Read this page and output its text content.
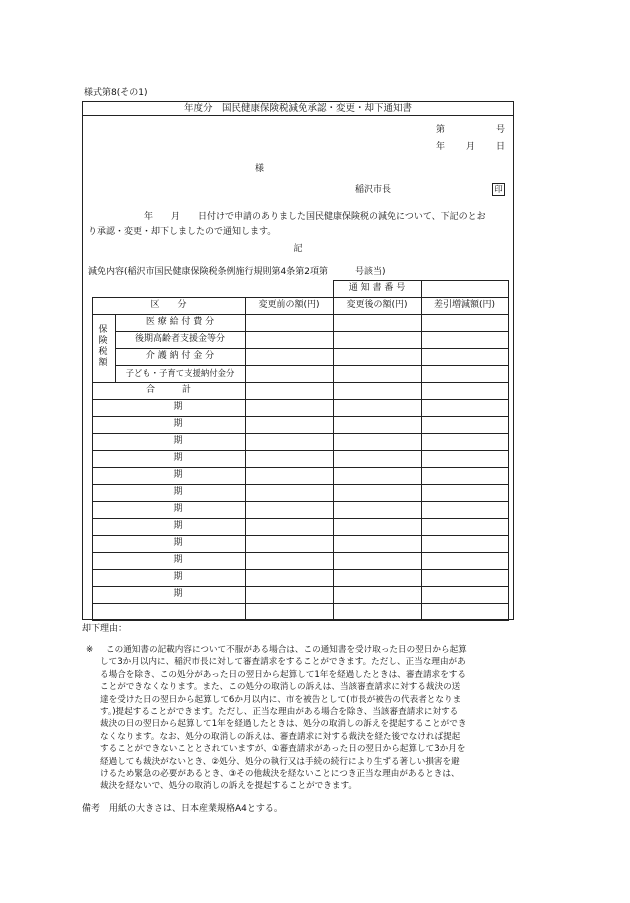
様式第8(その1)
年度分　国民健康保険税減免承認・変更・却下通知書
第	号
年 月 日
様
稲沢市長	印
年　　月　　日付けで申請のありました国民健康保険税の減免について、下記のとお
り承認・変更・却下しましたので通知します。
記
減免内容(稲沢市国民健康保険税条例施行規則第4条第2項第　　　号該当)
通 知 書 番 号
区　　分	変更前の額(円)	変更後の額(円)	差引増減額(円)
保険税額
医 療 給 付 費 分
後期高齢者支援金等分
介 護 納 付 金 分
子ども・子育て支援納付金分
合　　　計
期
期
期
期
期
期
期
期
期
期
期
期
却下理由：
※	この通知書の記載内容について不服がある場合は、この通知書を受け取った日の翌日から起算
して3か月以内に、稲沢市長に対して審査請求をすることができます。ただし、正当な理由があ
る場合を除き、この処分があった日の翌日から起算して1年を経過したときは、審査請求をする
ことができなくなります。また、この処分の取消しの訴えは、当該審査請求に対する裁決の送
達を受けた日の翌日から起算して6か月以内に、市を被告として(市長が被告の代表者となりま
す。)提起することができます。ただし、正当な理由がある場合を除き、当該審査請求に対する
裁決の日の翌日から起算して1年を経過したときは、処分の取消しの訴えを提起することができ
なくなります。なお、処分の取消しの訴えは、審査請求に対する裁決を経た後でなければ提起
することができないこととされていますが、①審査請求があった日の翌日から起算して3か月を
経過しても裁決がないとき、②処分、処分の執行又は手続の続行により生ずる著しい損害を避
けるため緊急の必要があるとき、③その他裁決を経ないことにつき正当な理由があるときは、
裁決を経ないで、処分の取消しの訴えを提起することができます。
備考　用紙の大きさは、日本産業規格A4とする。
